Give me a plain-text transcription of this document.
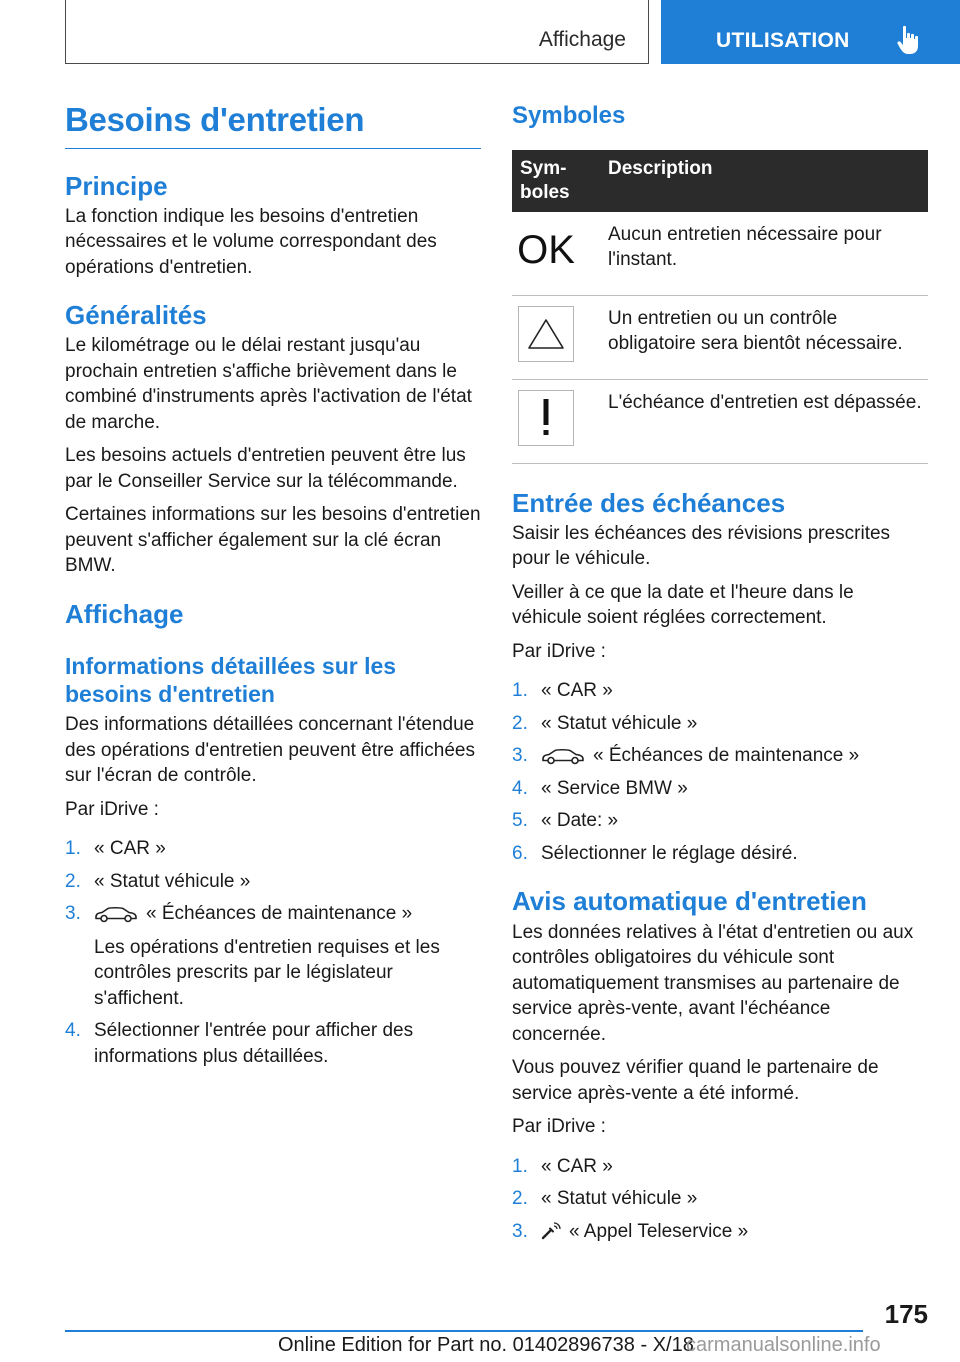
Affichage	UTILISATION
Besoins d'entretien
Principe

La fonction indique les besoins d'entretien nécessaires et le volume correspondant des opérations d'entretien.

Généralités

Le kilométrage ou le délai restant jusqu'au prochain entretien s'affiche brièvement dans le combiné d'instruments après l'activation de l'état de marche.

Les besoins actuels d'entretien peuvent être lus par le Conseiller Service sur la télécommande.

Certaines informations sur les besoins d'entretien peuvent s'afficher également sur la clé écran BMW.

Affichage
Informations détaillées sur les besoins d'entretien

Des informations détaillées concernant l'étendue des opérations d'entretien peuvent être affichées sur l'écran de contrôle.

Par iDrive :

1. « CAR »
2. « Statut véhicule »
3.	« Échéances de maintenance »
Les opérations d'entretien requises et les contrôles prescrits par le législateur s'affichent.
4. Sélectionner l'entrée pour afficher des informations plus détaillées.
Symboles
Symboles	Description

OK	Aucun entretien nécessaire pour l'instant.

	Un entretien ou un contrôle obligatoire sera bientôt nécessaire.

	L'échéance d'entretien est dépassée.
Entrée des échéances

Saisir les échéances des révisions prescrites pour le véhicule.

Veiller à ce que la date et l'heure dans le véhicule soient réglées correctement.

Par iDrive :

1. « CAR »
2. « Statut véhicule »
3.	« Échéances de maintenance »
4. « Service BMW »
5. « Date: »
6. Sélectionner le réglage désiré.
Avis automatique d'entretien

Les données relatives à l'état d'entretien ou aux contrôles obligatoires du véhicule sont automatiquement transmises au partenaire de service après-vente, avant l'échéance concernée.

Vous pouvez vérifier quand le partenaire de service après-vente a été informé.

Par iDrive :

1. « CAR »
2. « Statut véhicule »
3. « Appel Teleservice »
175
Online Edition for Part no. 01402896738 - X/18
carmanualsonline.info
